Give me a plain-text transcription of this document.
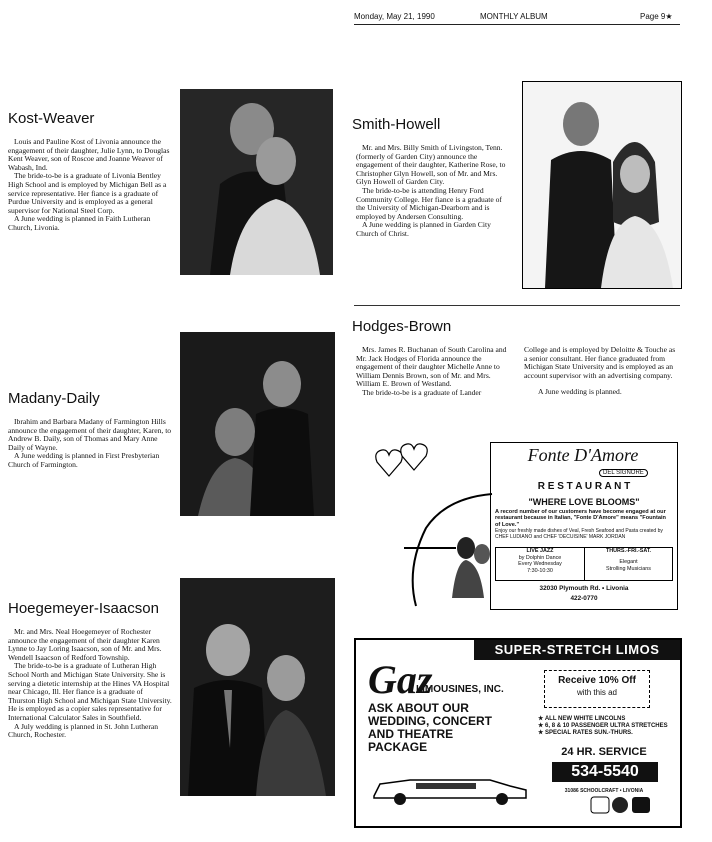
Monday, May 21, 1990	MONTHLY ALBUM	Page 9★
Kost-Weaver

Louis and Pauline Kost of Livonia announce the engagement of their daughter, Julie Lynn, to Douglas Kent Weaver, son of Roscoe and Joanne Weaver of Wabash, Ind.

The bride-to-be is a graduate of Livonia Bentley High School and is employed by Michigan Bell as a service representative. Her fiance is a graduate of Purdue University and is employed as a general supervisor for National Steel Corp.

A June wedding is planned in Faith Lutheran Church, Livonia.

Smith-Howell

Mr. and Mrs. Billy Smith of Livingston, Tenn. (formerly of Garden City) announce the engagement of their daughter, Katherine Rose, to Christopher Glyn Howell, son of Mr. and Mrs. Glyn Howell of Garden City.

The bride-to-be is attending Henry Ford Community College. Her fiance is a graduate of the University of Michigan-Dearborn and is employed by Andersen Consulting.

A June wedding is planned in Garden City Church of Christ.

Hodges-Brown

Mrs. James R. Buchanan of South Carolina and Mr. Jack Hodges of Florida announce the engagement of their daughter Michelle Anne to William Dennis Brown, son of Mr. and Mrs. William E. Brown of Westland.

The bride-to-be is a graduate of Lander

College and is employed by Deloitte & Touche as a senior consultant. Her fiance graduated from Michigan State University and is employed as an account supervisor with an advertising company.

A June wedding is planned.

Madany-Daily

Ibrahim and Barbara Madany of Farmington Hills announce the engagement of their daughter, Karen, to Andrew B. Daily, son of Thomas and Mary Anne Daily of Wayne.

A June wedding is planned in First Presbyterian Church of Farmington.

Hoegemeyer-Isaacson

Mr. and Mrs. Neal Hoegemeyer of Rochester announce the engagement of their daughter Karen Lynne to Jay Loring Isaacson, son of Mr. and Mrs. Wendell Isaacson of Redford Township.

The bride-to-be is a graduate of Lutheran High School North and Michigan State University. She is serving a dietetic internship at the Hines VA Hospital near Chicago, Ill. Her fiance is a graduate of Thurston High School and Michigan State University. He is employed as a copier sales representative for International Calculator Sales in Southfield.

A July wedding is planned in St. John Lutheran Church, Rochester.

Fonte D'Amore
DEL SIGNORE
R E S T A U R A N T
"WHERE LOVE BLOOMS"
A record number of our customers have become engaged at our restaurant because in Italian, "Fonte D'Amore" means "Fountain of Love."
Enjoy our freshly made dishes of Veal, Fresh Seafood and Pasta created by CHEF LUDIANO and CHEF 'DECUISINE' MARK JORDAN
LIVE JAZZ
by Dolphin Dance
Every Wednesday
7:30-10:30
THURS.-FRI.-SAT.
Elegant
Strolling Musicians
32030 Plymouth Rd. • Livonia
422-0770
SUPER-STRETCH LIMOS
Gaz
LIMOUSINES, INC.
ASK ABOUT OUR
WEDDING, CONCERT
AND THEATRE
PACKAGE
Receive 10% Off
with this ad
★ ALL NEW WHITE LINCOLNS
★ 6, 8 & 10 PASSENGER ULTRA STRETCHES
★ SPECIAL RATES SUN.-THURS.
24 HR. SERVICE
534-5540
31086 SCHOOLCRAFT • LIVONIA
